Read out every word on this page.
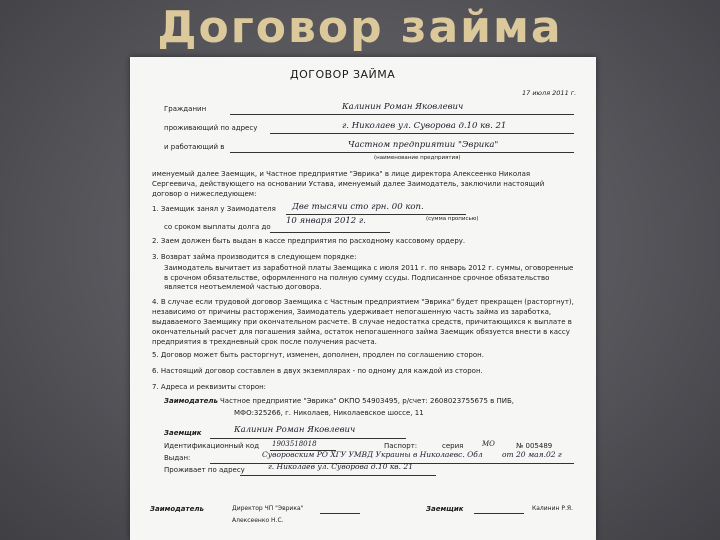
Договор займа
ДОГОВОР ЗАЙМА
17 июля 2011 г.
Гражданин	Калинин Роман Яковлевич
проживающий по адресу	г. Николаев ул. Суворова д.10 кв. 21
и работающий в	Частном предприятии "Эврика"
(наименование предприятия)
именуемый далее Заемщик, и Частное предприятие "Эврика" в лице директора Алексеенко Николая Сергеевича, действующего на основании Устава, именуемый далее Заимодатель, заключили настоящий договор о нижеследующем:
1. Заемщик занял у Заимодателя Две тысячи сто грн. 00 коп.
(сумма прописью)
со сроком выплаты долга до
10 января 2012 г.
2. Заем должен быть выдан в кассе предприятия по расходному кассовому ордеру.
3. Возврат займа производится в следующем порядке:
Заимодатель вычитает из заработной платы Заемщика с июля 2011 г. по январь 2012 г. суммы, оговоренные в срочном обязательстве, оформленного на полную сумму ссуды. Подписанное срочное обязательство является неотъемлемой частью договора.
4. В случае если трудовой договор Заемщика с Частным предприятием "Эврика" будет прекращен (расторгнут), независимо от причины расторжения, Заимодатель удерживает непогашенную часть займа из заработка, выдаваемого Заемщику при окончательном расчете. В случае недостатка средств, причитающихся к выплате в окончательный расчет для погашения займа, остаток непогашенного займа Заемщик обязуется внести в кассу предприятия в трехдневный срок после получения расчета.
5. Договор может быть расторгнут, изменен, дополнен, продлен по соглашению сторон.
6. Настоящий договор составлен в двух экземплярах - по одному для каждой из сторон.
7. Адреса и реквизиты сторон:
Заимодатель Частное предприятие "Эврика" ОКПО 54903495, р/счет: 2608023755675 в ПИБ,
МФО:325266, г. Николаев, Николаевское шоссе, 11
Заемщик	Калинин Роман Яковлевич
Идентификационный код 1903518018	Паспорт:	серия	МО	№ 005489
Выдан:	Суворовским РО ХГУ УМВД Украины в Николаевс. Обл	от 20 мая.02 г
Проживает по адресу	г. Николаев ул. Суворова д.10 кв. 21
Заимодатель	Директор ЧП "Эврика"
Алексеенко Н.С.
Заемщик	Калинин Р.Я.
